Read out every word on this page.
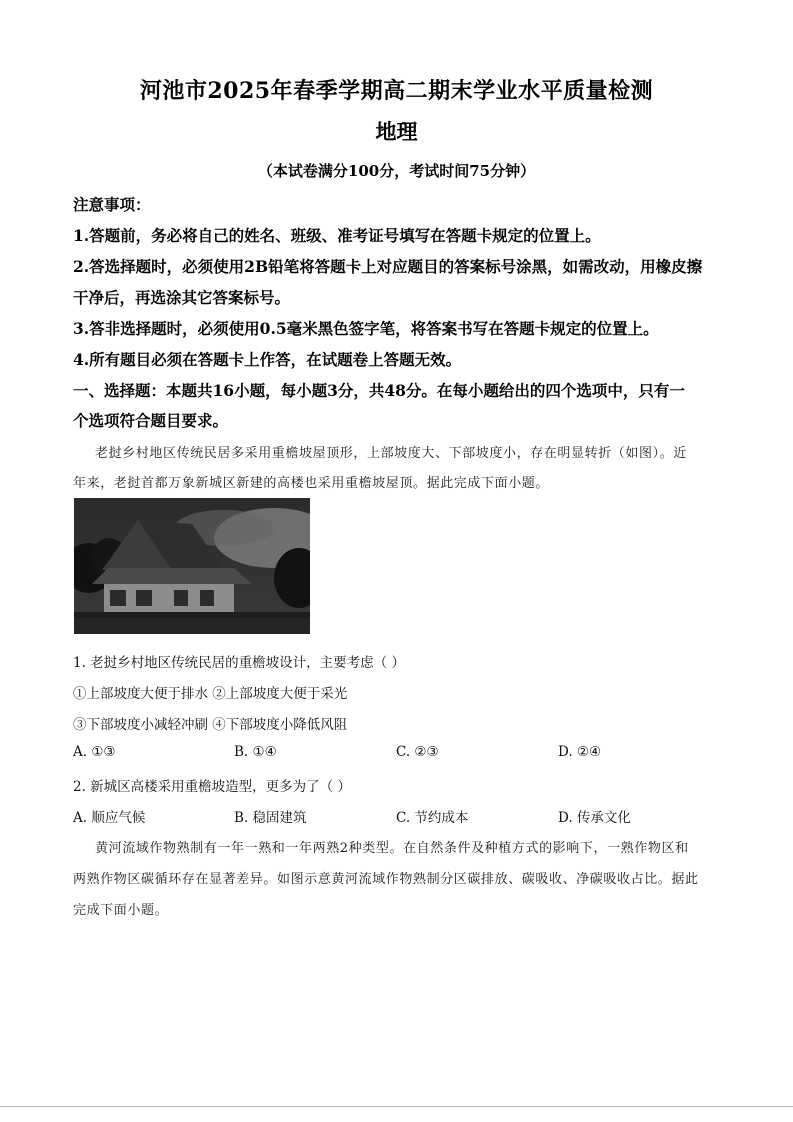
河池市2025年春季学期高二期末学业水平质量检测
地理
（本试卷满分100分，考试时间75分钟）
注意事项：
1.答题前，务必将自己的姓名、班级、准考证号填写在答题卡规定的位置上。
2.答选择题时，必须使用2B铅笔将答题卡上对应题目的答案标号涂黑，如需改动，用橡皮擦
干净后，再选涂其它答案标号。
3.答非选择题时，必须使用0.5毫米黑色签字笔，将答案书写在答题卡规定的位置上。
4.所有题目必须在答题卡上作答，在试题卷上答题无效。
一、选择题：本题共16小题，每小题3分，共48分。在每小题给出的四个选项中，只有一
个选项符合题目要求。
老挝乡村地区传统民居多采用重檐坡屋顶形，上部坡度大、下部坡度小，存在明显转折（如图）。近
年来，老挝首都万象新城区新建的高楼也采用重檐坡屋顶。据此完成下面小题。
1. 老挝乡村地区传统民居的重檐坡设计，主要考虑（ ）
①上部坡度大便于排水 ②上部坡度大便于采光
③下部坡度小减轻冲刷 ④下部坡度小降低风阻
A. ①③	B. ①④	C. ②③	D. ②④
2. 新城区高楼采用重檐坡造型，更多为了（ ）
A. 顺应气候	B. 稳固建筑	C. 节约成本	D. 传承文化
黄河流域作物熟制有一年一熟和一年两熟2种类型。在自然条件及种植方式的影响下，一熟作物区和
两熟作物区碳循环存在显著差异。如图示意黄河流域作物熟制分区碳排放、碳吸收、净碳吸收占比。据此
完成下面小题。
